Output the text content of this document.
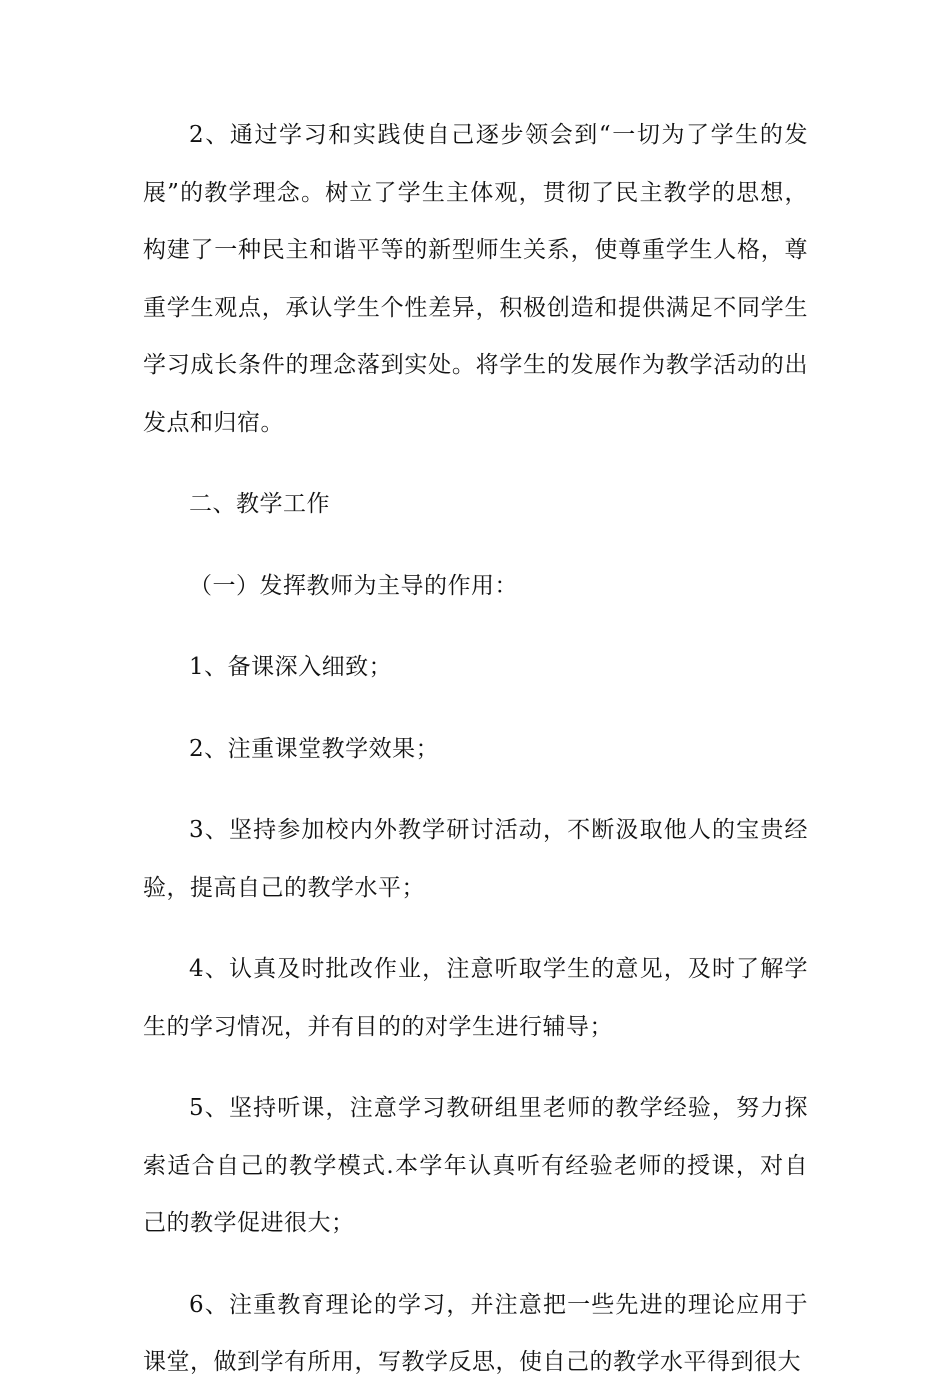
2、通过学习和实践使自己逐步领会到“一切为了学生的发展”的教学理念。树立了学生主体观，贯彻了民主教学的思想，构建了一种民主和谐平等的新型师生关系，使尊重学生人格，尊重学生观点，承认学生个性差异，积极创造和提供满足不同学生学习成长条件的理念落到实处。将学生的发展作为教学活动的出发点和归宿。

二、教学工作

（一）发挥教师为主导的作用：

1、备课深入细致；

2、注重课堂教学效果；

3、坚持参加校内外教学研讨活动，不断汲取他人的宝贵经验，提高自己的教学水平；

4、认真及时批改作业，注意听取学生的意见，及时了解学生的学习情况，并有目的的对学生进行辅导；

5、坚持听课，注意学习教研组里老师的教学经验，努力探索适合自己的教学模式.本学年认真听有经验老师的授课，对自己的教学促进很大；

6、注重教育理论的学习，并注意把一些先进的理论应用于课堂，做到学有所用，写教学反思，使自己的教学水平得到很大
